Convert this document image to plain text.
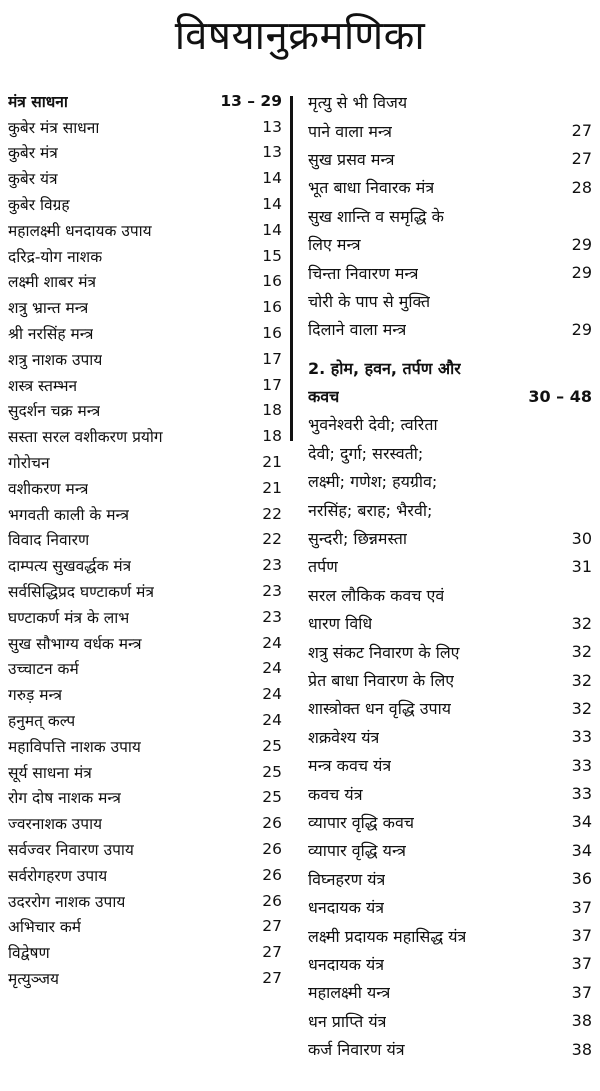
विषयानुक्रमणिका
मंत्र साधना	13 – 29
कुबेर मंत्र साधना	13
कुबेर मंत्र	13
कुबेर यंत्र	14
कुबेर विग्रह	14
महालक्ष्मी धनदायक उपाय	14
दरिद्र-योग नाशक	15
लक्ष्मी शाबर मंत्र	16
शत्रु भ्रान्त मन्त्र	16
श्री नरसिंह मन्त्र	16
शत्रु नाशक उपाय	17
शस्त्र स्तम्भन	17
सुदर्शन चक्र मन्त्र	18
सस्ता सरल वशीकरण प्रयोग	18
गोरोचन	21
वशीकरण मन्त्र	21
भगवती काली के मन्त्र	22
विवाद निवारण	22
दाम्पत्य सुखवर्द्धक मंत्र	23
सर्वसिद्धिप्रद घण्टाकर्ण मंत्र	23
घण्टाकर्ण मंत्र के लाभ	23
सुख सौभाग्य वर्धक मन्त्र	24
उच्चाटन कर्म	24
गरुड़ मन्त्र	24
हनुमत् कल्प	24
महाविपत्ति नाशक उपाय	25
सूर्य साधना मंत्र	25
रोग दोष नाशक मन्त्र	25
ज्वरनाशक उपाय	26
सर्वज्वर निवारण उपाय	26
सर्वरोगहरण उपाय	26
उदररोग नाशक उपाय	26
अभिचार कर्म	27
विद्वेषण	27
मृत्युञ्जय	27
मृत्यु से भी विजय
पाने वाला मन्त्र	27
सुख प्रसव मन्त्र	27
भूत बाधा निवारक मंत्र	28
सुख शान्ति व समृद्धि के
लिए मन्त्र	29
चिन्ता निवारण मन्त्र	29
चोरी के पाप से मुक्ति
दिलाने वाला मन्त्र	29
2. होम, हवन, तर्पण और
कवच	30 – 48
भुवनेश्वरी देवी; त्वरिता
देवी; दुर्गा; सरस्वती;
लक्ष्मी; गणेश; हयग्रीव;
नरसिंह; बराह; भैरवी;
सुन्दरी; छिन्नमस्ता	30
तर्पण	31
सरल लौकिक कवच एवं
धारण विधि	32
शत्रु संकट निवारण के लिए	32
प्रेत बाधा निवारण के लिए	32
शास्त्रोक्त धन वृद्धि उपाय	32
शक्रवेश्य यंत्र	33
मन्त्र कवच यंत्र	33
कवच यंत्र	33
व्यापार वृद्धि कवच	34
व्यापार वृद्धि यन्त्र	34
विघ्नहरण यंत्र	36
धनदायक यंत्र	37
लक्ष्मी प्रदायक महासिद्ध यंत्र	37
धनदायक यंत्र	37
महालक्ष्मी यन्त्र	37
धन प्राप्ति यंत्र	38
कर्ज निवारण यंत्र	38
